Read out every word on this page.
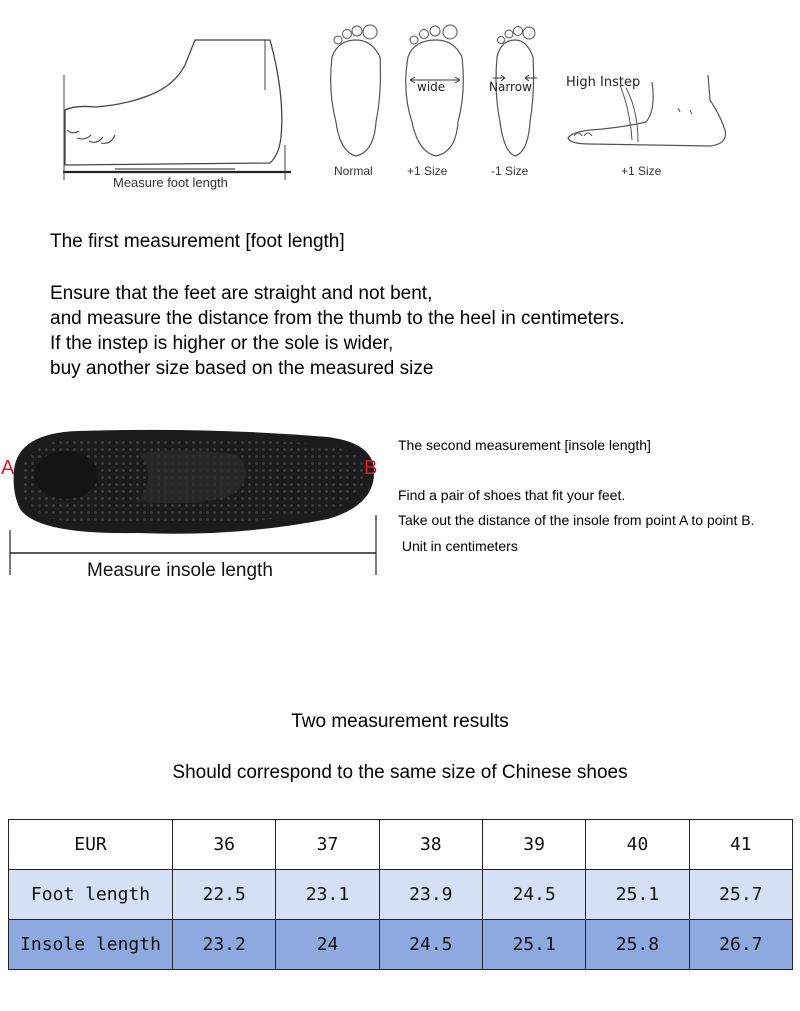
Measure foot length
wide	Narrow
Normal	+1 Size	-1 Size
High Instep
+1 Size
The first measurement [foot length]
Ensure that the feet are straight and not bent,
and measure the distance from the thumb to the heel in centimeters.
If the instep is higher or the sole is wider,
buy another size based on the measured size
A	B
Measure insole length
The second measurement [insole length]
Find a pair of shoes that fit your feet.
Take out the distance of the insole from point A to point B.
Unit in centimeters
Two measurement results
Should correspond to the same size of Chinese shoes
EUR	36	37	38	39	40	41
Foot length	22.5	23.1	23.9	24.5	25.1	25.7
Insole length	23.2	24	24.5	25.1	25.8	26.7
